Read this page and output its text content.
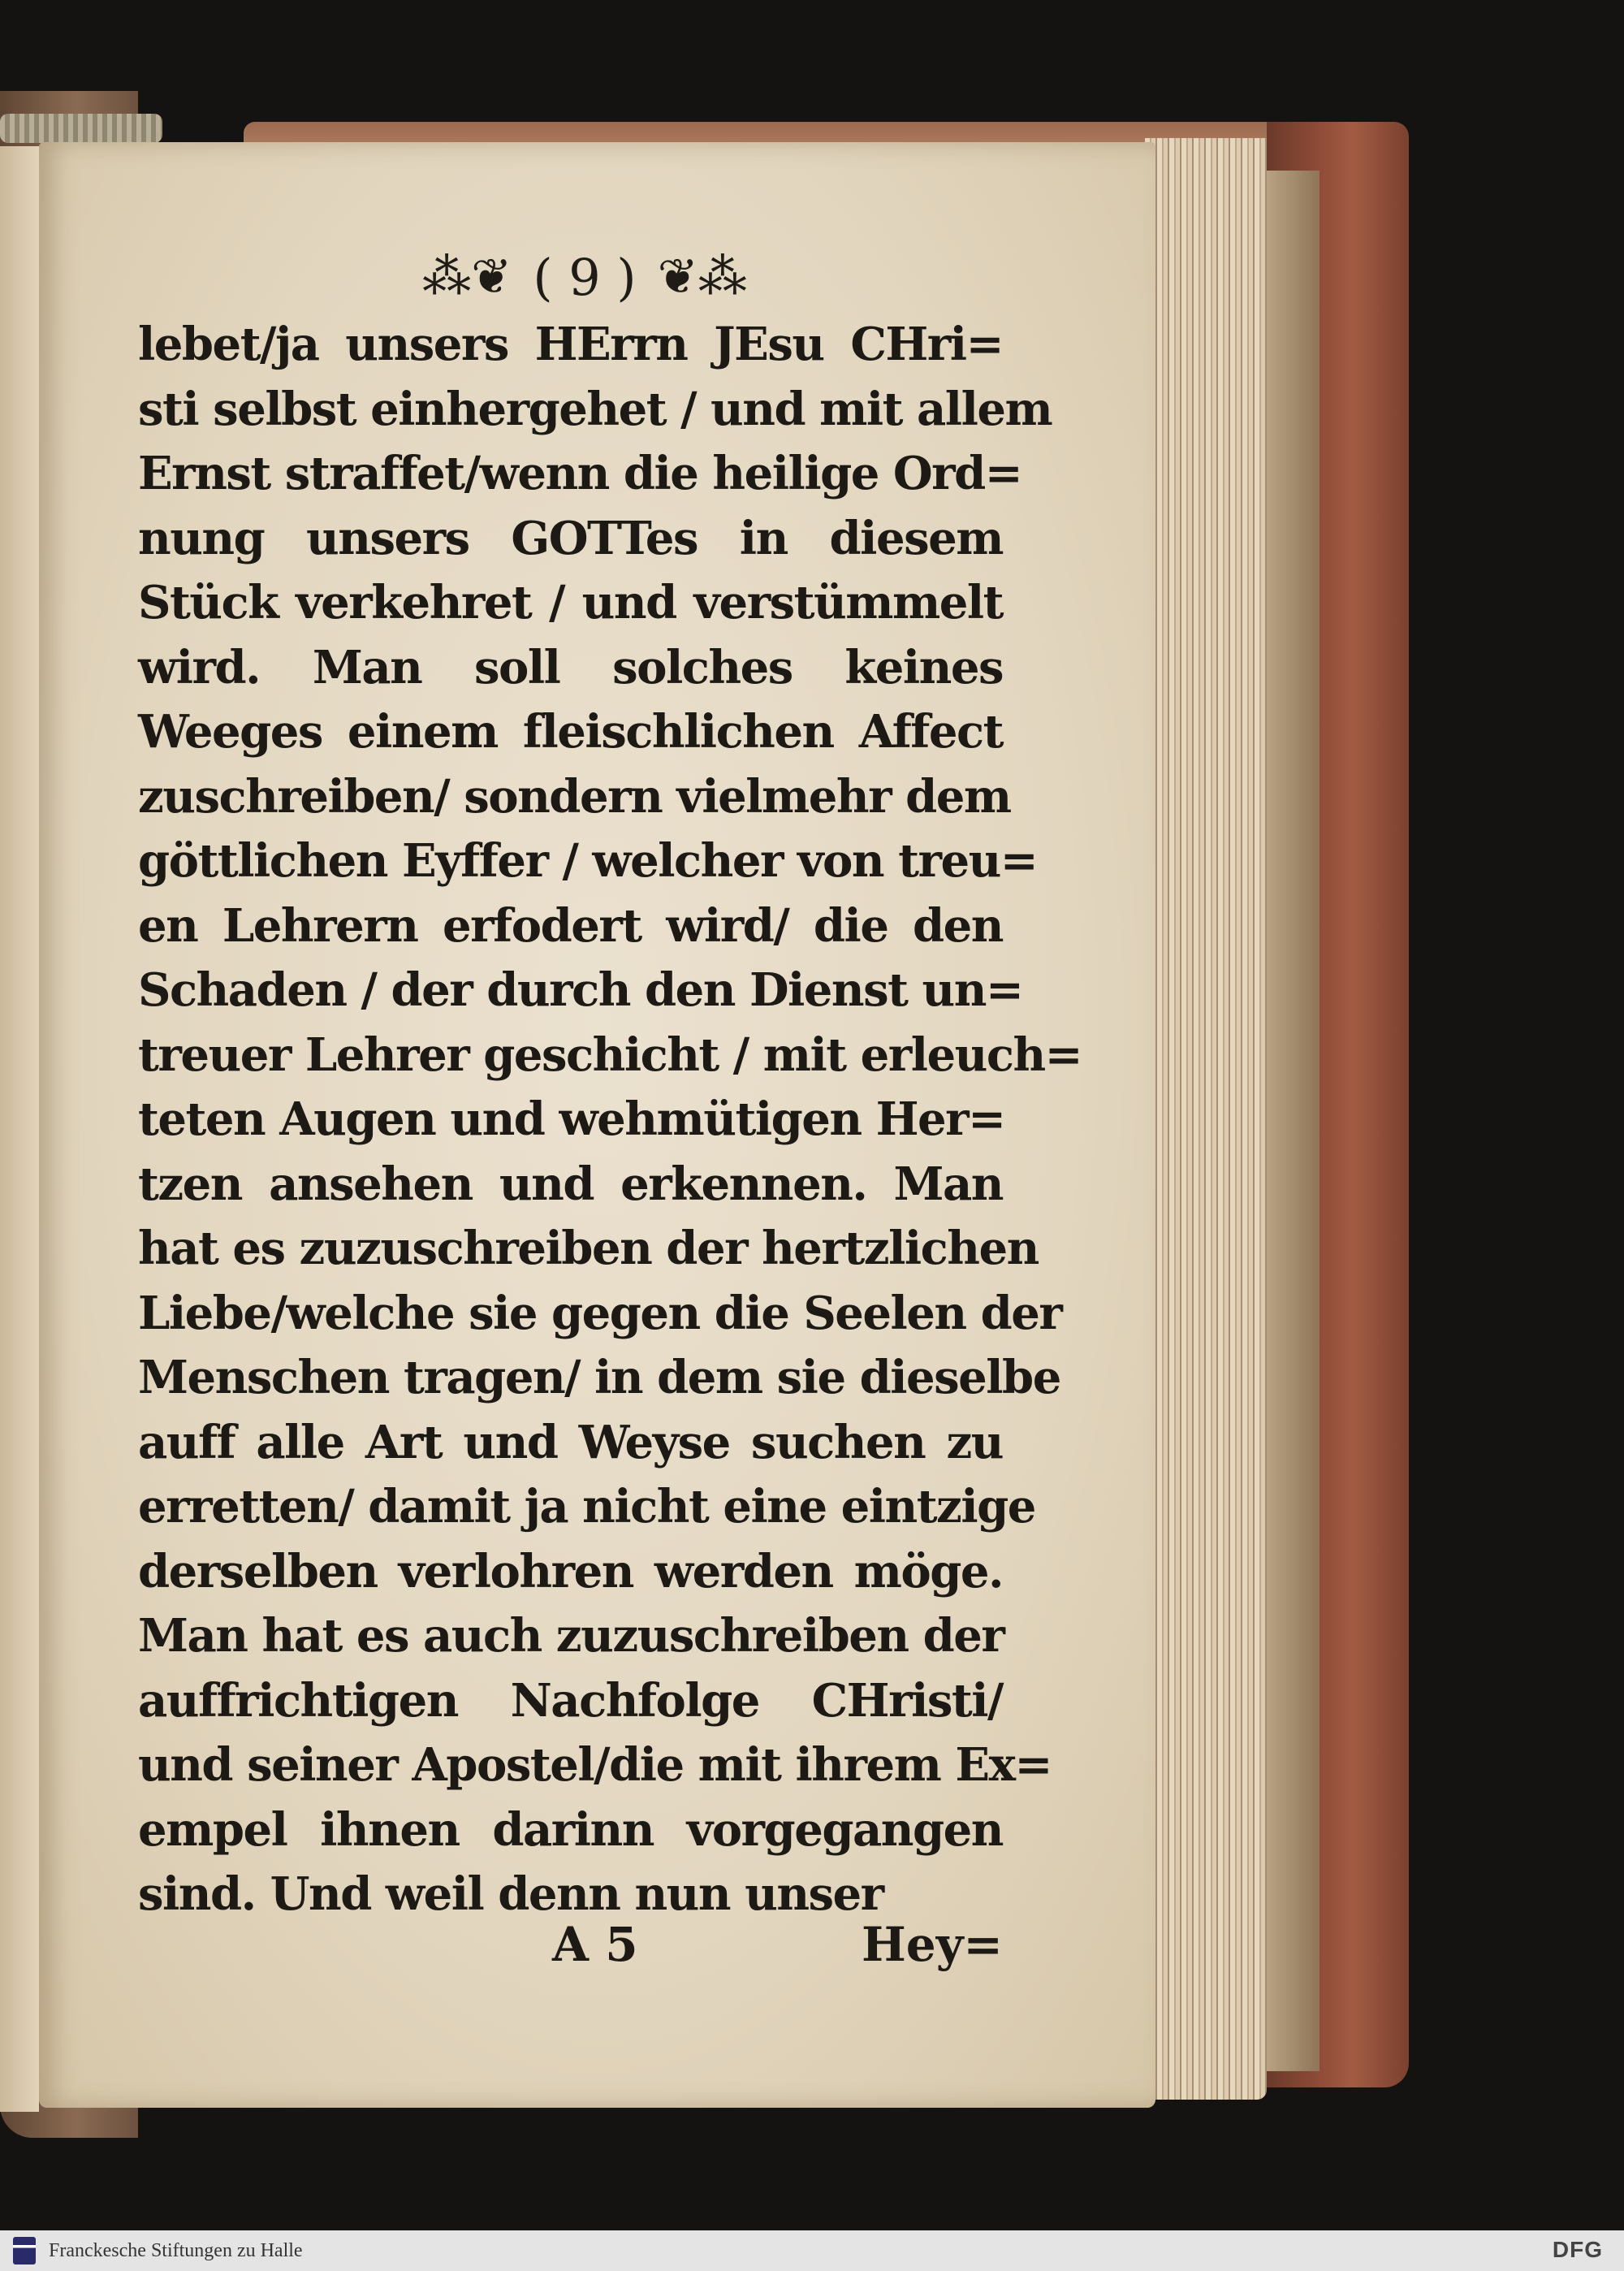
⁂❦ ( 9 ) ❦⁂
lebet/ja unsers HErrn JEsu CHri=
sti selbst einhergehet / und mit allem
Ernst straffet/wenn die heilige Ord=
nung unsers GOTTes in diesem
Stück verkehret / und verstümmelt
wird. Man soll solches keines
Weeges einem fleischlichen Affect
zuschreiben/ sondern vielmehr dem
göttlichen Eyffer / welcher von treu=
en Lehrern erfodert wird/ die den
Schaden / der durch den Dienst un=
treuer Lehrer geschicht / mit erleuch=
teten Augen und wehmütigen Her=
tzen ansehen und erkennen. Man
hat es zuzuschreiben der hertzlichen
Liebe/welche sie gegen die Seelen der
Menschen tragen/ in dem sie dieselbe
auff alle Art und Weyse suchen zu
erretten/ damit ja nicht eine eintzige
derselben verlohren werden möge.
Man hat es auch zuzuschreiben der
auffrichtigen Nachfolge CHristi/
und seiner Apostel/die mit ihrem Ex=
empel ihnen darinn vorgegangen
sind. Und weil denn nun unser
A 5	Hey=
Franckesche Stiftungen zu Halle	DFG
